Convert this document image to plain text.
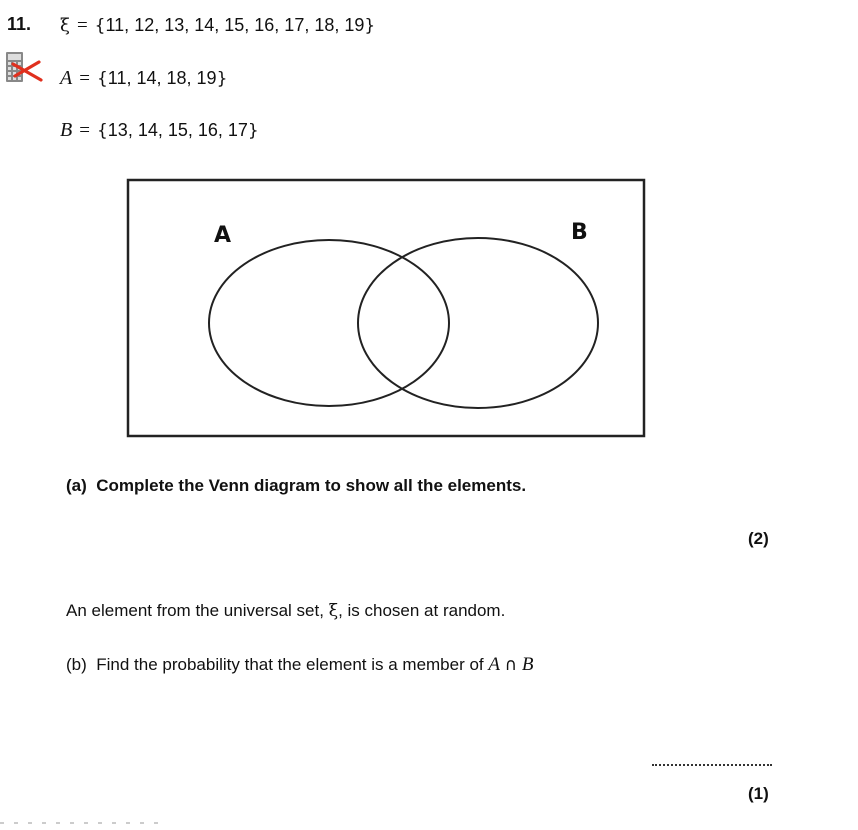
11. ξ = {11, 12, 13, 14, 15, 16, 17, 18, 19}
A = {11, 14, 18, 19}
B = {13, 14, 15, 16, 17}
A	B
(a) Complete the Venn diagram to show all the elements.
(2)
An element from the universal set, ξ, is chosen at random.
(b) Find the probability that the element is a member of A ∩ B
(1)
